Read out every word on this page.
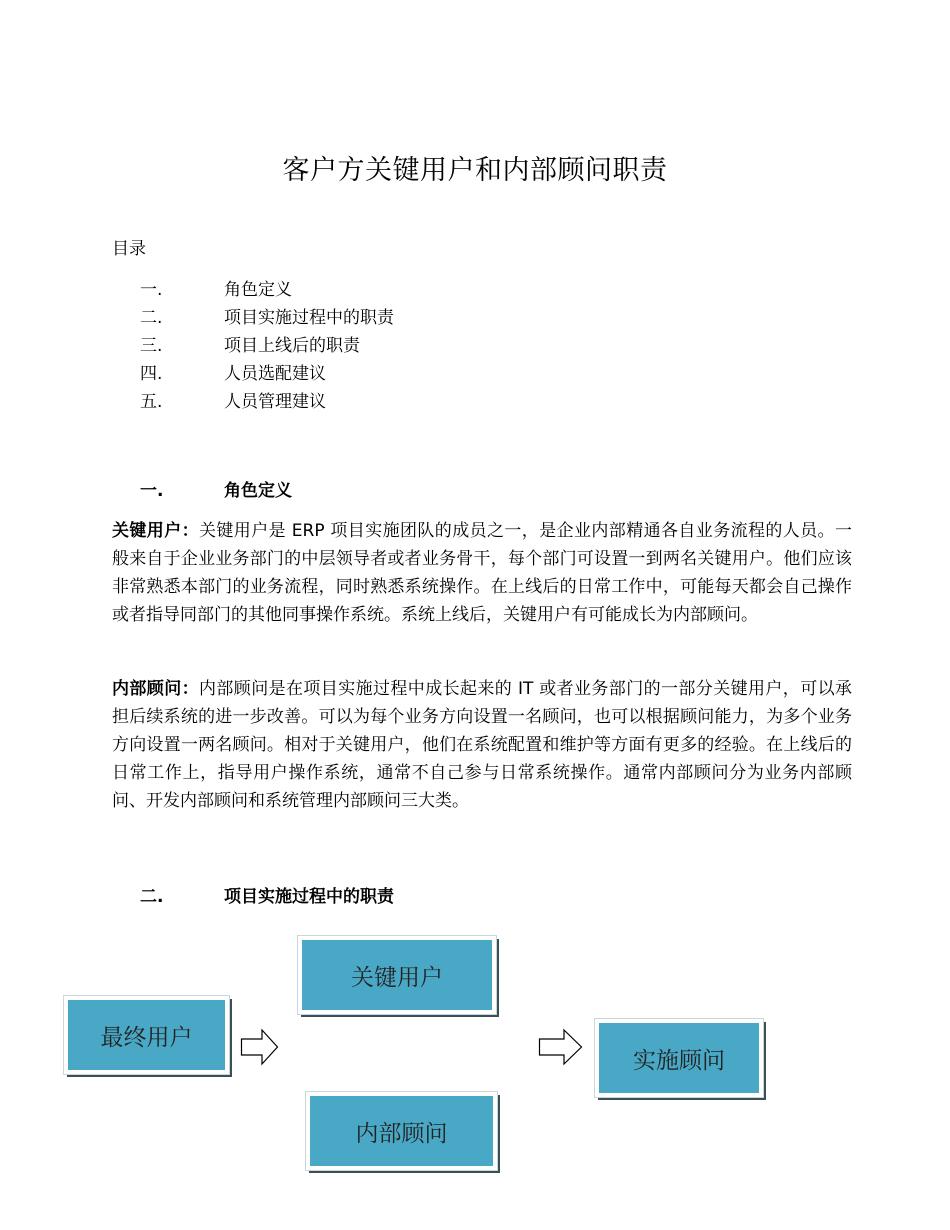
客户方关键用户和内部顾问职责
目录
一.	角色定义
二.	项目实施过程中的职责
三.	项目上线后的职责
四.	人员选配建议
五.	人员管理建议
一.	角色定义
关键用户：关键用户是 ERP 项目实施团队的成员之一，是企业内部精通各自业务流程的人员。一般来自于企业业务部门的中层领导者或者业务骨干，每个部门可设置一到两名关键用户。他们应该非常熟悉本部门的业务流程，同时熟悉系统操作。在上线后的日常工作中，可能每天都会自己操作或者指导同部门的其他同事操作系统。系统上线后，关键用户有可能成长为内部顾问。
内部顾问：内部顾问是在项目实施过程中成长起来的 IT 或者业务部门的一部分关键用户，可以承担后续系统的进一步改善。可以为每个业务方向设置一名顾问，也可以根据顾问能力，为多个业务方向设置一两名顾问。相对于关键用户，他们在系统配置和维护等方面有更多的经验。在上线后的日常工作上，指导用户操作系统，通常不自己参与日常系统操作。通常内部顾问分为业务内部顾问、开发内部顾问和系统管理内部顾问三大类。
二.	项目实施过程中的职责
最终用户
关键用户
内部顾问
实施顾问
